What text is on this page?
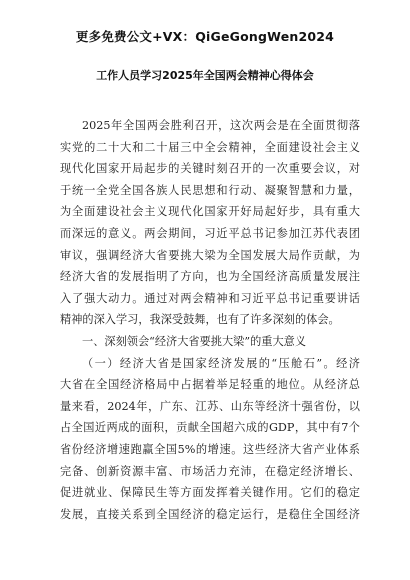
更多免费公文+VX：QiGeGongWen2024
工作人员学习2025年全国两会精神心得体会
2025年全国两会胜利召开，这次两会是在全面贯彻落
实党的二十大和二十届三中全会精神，全面建设社会主义
现代化国家开局起步的关键时刻召开的一次重要会议，对
于统一全党全国各族人民思想和行动、凝聚智慧和力量，
为全面建设社会主义现代化国家开好局起好步，具有重大
而深远的意义。两会期间，习近平总书记参加江苏代表团
审议，强调经济大省要挑大梁为全国发展大局作贡献，为
经济大省的发展指明了方向，也为全国经济高质量发展注
入了强大动力。通过对两会精神和习近平总书记重要讲话
精神的深入学习，我深受鼓舞，也有了许多深刻的体会。
一、深刻领会“经济大省要挑大梁”的重大意义
（一）经济大省是国家经济发展的“压舱石”。经济
大省在全国经济格局中占据着举足轻重的地位。从经济总
量来看，2024年，广东、江苏、山东等经济十强省份，以
占全国近两成的面积，贡献全国超六成的GDP，其中有7个
省份经济增速跑赢全国5%的增速。这些经济大省产业体系
完备、创新资源丰富、市场活力充沛，在稳定经济增长、
促进就业、保障民生等方面发挥着关键作用。它们的稳定
发展，直接关系到全国经济的稳定运行，是稳住全国经济
